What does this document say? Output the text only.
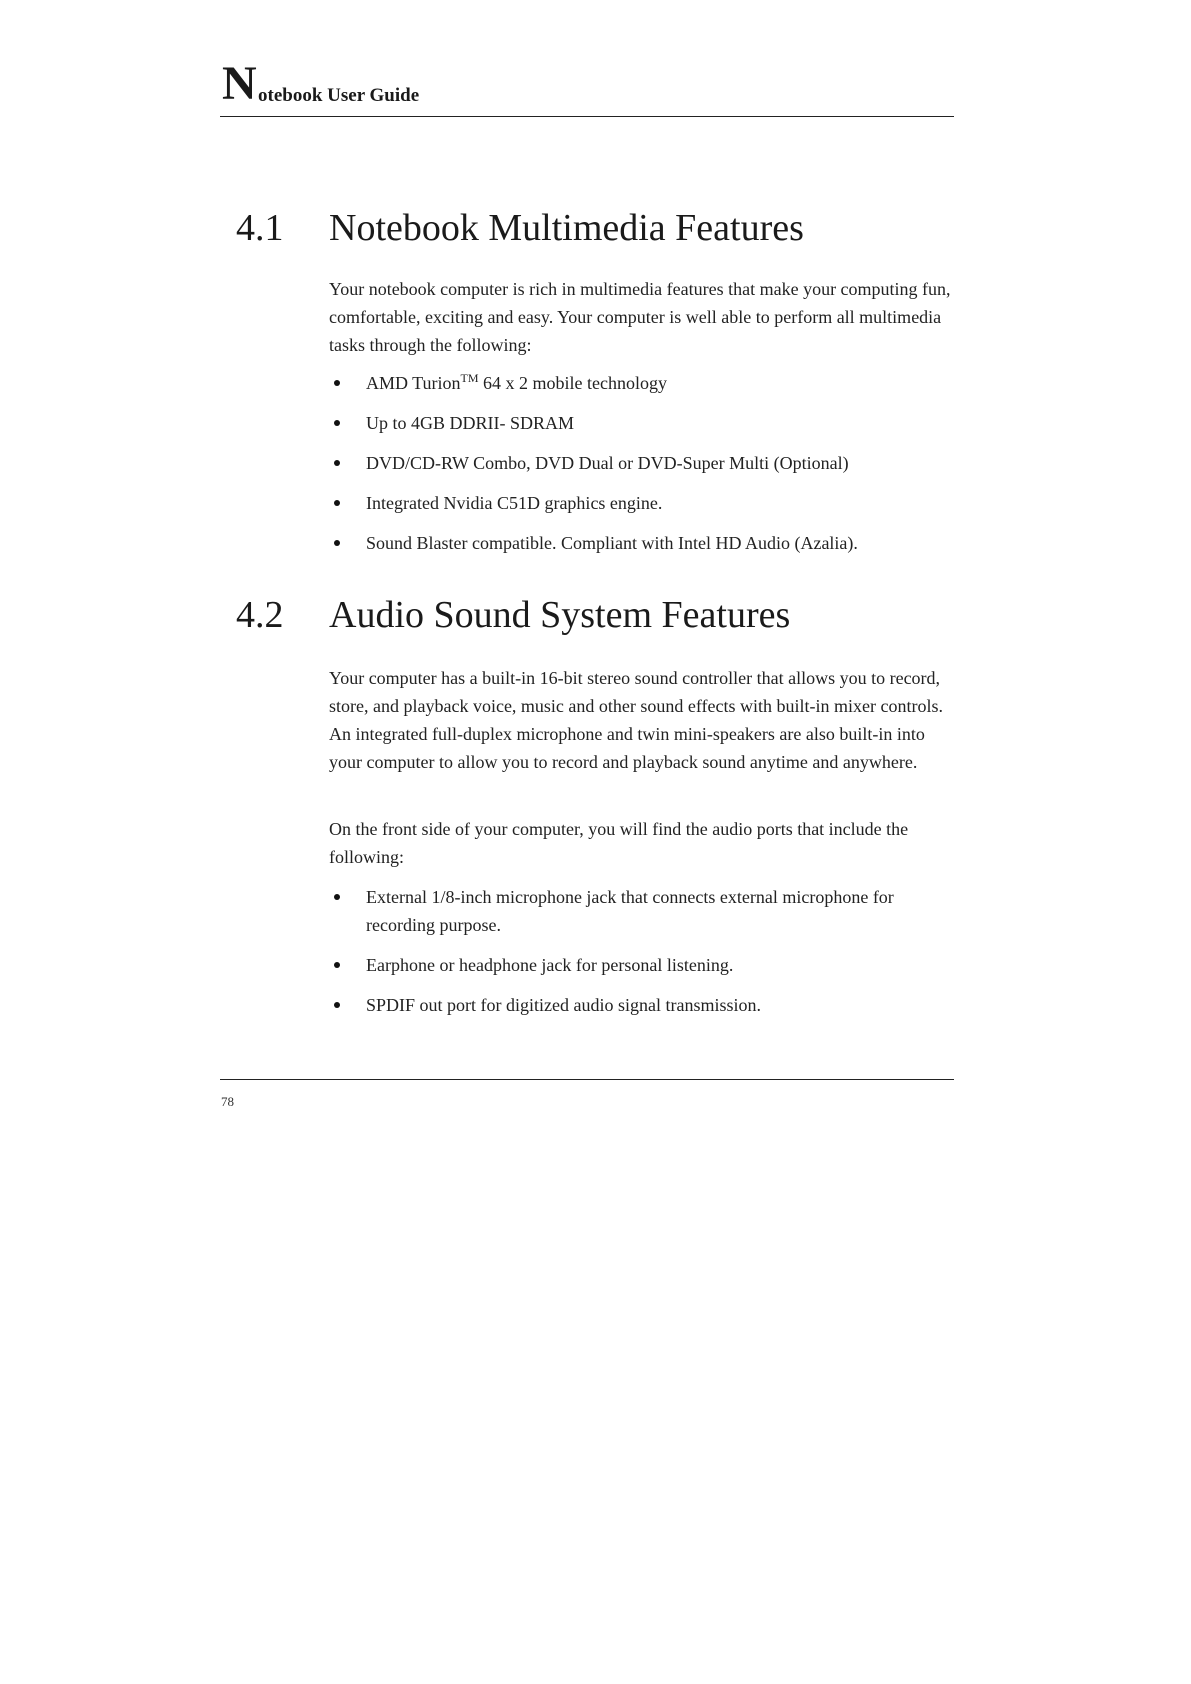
N otebook User Guide
4.1 Notebook Multimedia Features

Your notebook computer is rich in multimedia features that make your computing fun, comfortable, exciting and easy. Your computer is well able to perform all multimedia tasks through the following:

AMD Turion™ 64 x 2 mobile technology
Up to 4GB DDRII- SDRAM
DVD/CD-RW Combo, DVD Dual or DVD-Super Multi (Optional)
Integrated Nvidia C51D graphics engine.
Sound Blaster compatible. Compliant with Intel HD Audio (Azalia).
4.2 Audio Sound System Features

Your computer has a built-in 16-bit stereo sound controller that allows you to record, store, and playback voice, music and other sound effects with built-in mixer controls. An integrated full-duplex microphone and twin mini-speakers are also built-in into your computer to allow you to record and playback sound anytime and anywhere.

On the front side of your computer, you will find the audio ports that include the following:

External 1/8-inch microphone jack that connects external microphone for recording purpose.
Earphone or headphone jack for personal listening.
SPDIF out port for digitized audio signal transmission.
78
